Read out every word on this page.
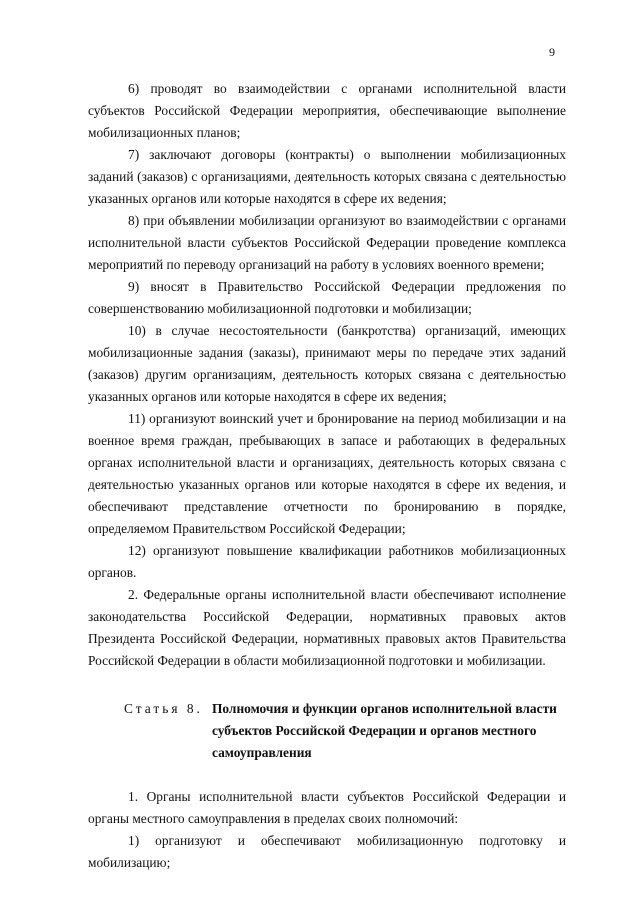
9

6) проводят во взаимодействии с органами исполнительной власти субъектов Российской Федерации мероприятия, обеспечивающие выполнение мобилизационных планов;

7) заключают договоры (контракты) о выполнении мобилизационных заданий (заказов) с организациями, деятельность которых связана с деятельностью указанных органов или которые находятся в сфере их ведения;

8) при объявлении мобилизации организуют во взаимодействии с органами исполнительной власти субъектов Российской Федерации проведение комплекса мероприятий по переводу организаций на работу в условиях военного времени;

9) вносят в Правительство Российской Федерации предложения по совершенствованию мобилизационной подготовки и мобилизации;

10) в случае несостоятельности (банкротства) организаций, имеющих мобилизационные задания (заказы), принимают меры по передаче этих заданий (заказов) другим организациям, деятельность которых связана с деятельностью указанных органов или которые находятся в сфере их ведения;

11) организуют воинский учет и бронирование на период мобилизации и на военное время граждан, пребывающих в запасе и работающих в федеральных органах исполнительной власти и организациях, деятельность которых связана с деятельностью указанных органов или которые находятся в сфере их ведения, и обеспечивают представление отчетности по бронированию в порядке, определяемом Правительством Российской Федерации;

12) организуют повышение квалификации работников мобилизационных органов.

2. Федеральные органы исполнительной власти обеспечивают исполнение законодательства Российской Федерации, нормативных правовых актов Президента Российской Федерации, нормативных правовых актов Правительства Российской Федерации в области мобилизационной подготовки и мобилизации.

Статья 8. Полномочия и функции органов исполнительной власти субъектов Российской Федерации и органов местного самоуправления

1. Органы исполнительной власти субъектов Российской Федерации и органы местного самоуправления в пределах своих полномочий:

1) организуют и обеспечивают мобилизационную подготовку и мобилизацию;
